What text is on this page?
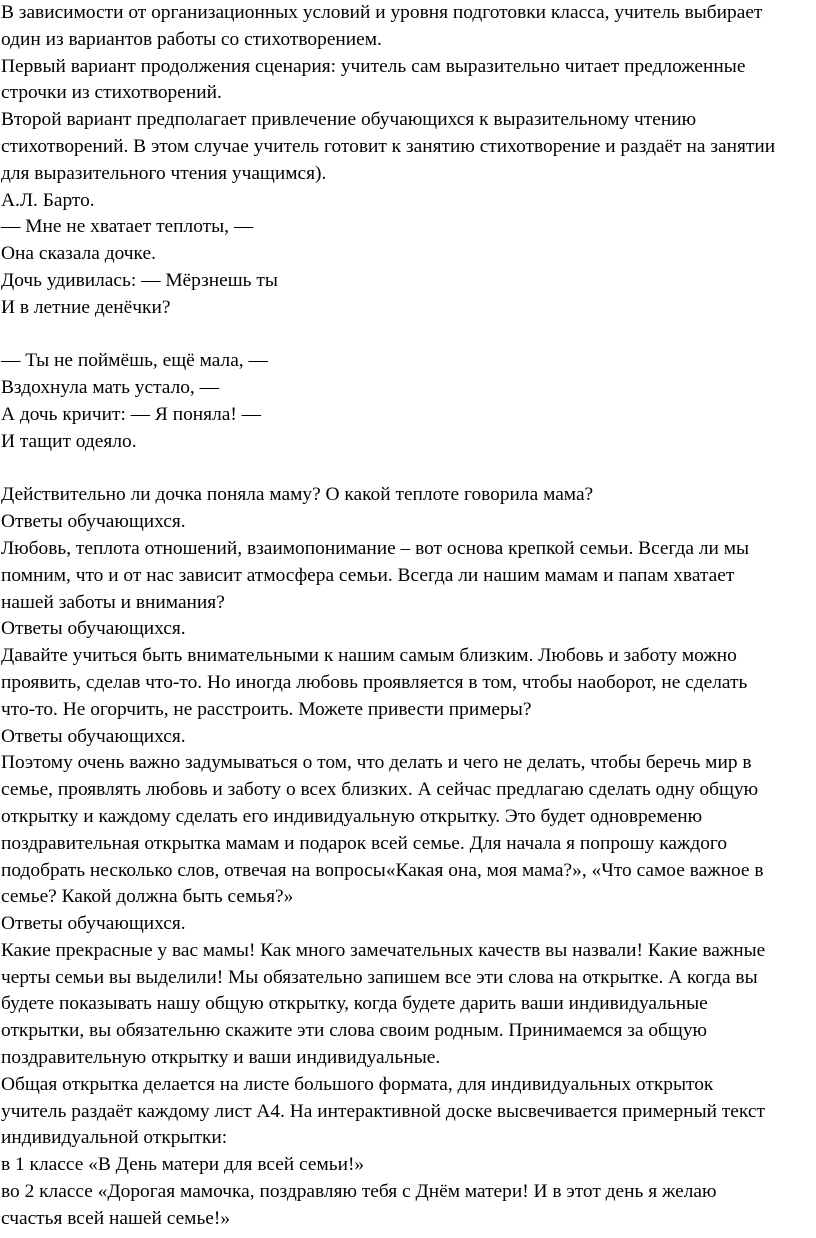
В зависимости от организационных условий и уровня подготовки класса, учитель выбирает
один из вариантов работы со стихотворением.
Первый вариант продолжения сценария: учитель сам выразительно читает предложенные
строчки из стихотворений.
Второй вариант предполагает привлечение обучающихся к выразительному чтению
стихотворений. В этом случае учитель готовит к занятию стихотворение и раздаёт на занятии
для выразительного чтения учащимся).
А.Л. Барто.
— Мне не хватает теплоты, —
Она сказала дочке.
Дочь удивилась: — Мёрзнешь ты
И в летние денёчки?
— Ты не поймёшь, ещё мала, —
Вздохнула мать устало, —
А дочь кричит: — Я поняла! —
И тащит одеяло.
Действительно ли дочка поняла маму? О какой теплоте говорила мама?
Ответы обучающихся.
Любовь, теплота отношений, взаимопонимание – вот основа крепкой семьи. Всегда ли мы
помним, что и от нас зависит атмосфера семьи. Всегда ли нашим мамам и папам хватает
нашей заботы и внимания?
Ответы обучающихся.
Давайте учиться быть внимательными к нашим самым близким. Любовь и заботу можно
проявить, сделав что-то. Но иногда любовь проявляется в том, чтобы наоборот, не сделать
что-то. Не огорчить, не расстроить. Можете привести примеры?
Ответы обучающихся.
Поэтому очень важно задумываться о том, что делать и чего не делать, чтобы беречь мир в
семье, проявлять любовь и заботу о всех близких. А сейчас предлагаю сделать одну общую
открытку и каждому сделать его индивидуальную открытку. Это будет одновременю
поздравительная открытка мамам и подарок всей семье. Для начала я попрошу каждого
подобрать несколько слов, отвечая на вопросы«Какая она, моя мама?», «Что самое важное в
семье? Какой должна быть семья?»
Ответы обучающихся.
Какие прекрасные у вас мамы! Как много замечательных качеств вы назвали! Какие важные
черты семьи вы выделили! Мы обязательно запишем все эти слова на открытке. А когда вы
будете показывать нашу общую открытку, когда будете дарить ваши индивидуальные
открытки, вы обязательню скажите эти слова своим родным. Принимаемся за общую
поздравительную открытку и ваши индивидуальные.
Общая открытка делается на листе большого формата, для индивидуальных открыток
учитель раздаёт каждому лист А4. На интерактивной доске высвечивается примерный текст
индивидуальной открытки:
в 1 классе «В День матери для всей семьи!»
во 2 классе «Дорогая мамочка, поздравляю тебя с Днём матери! И в этот день я желаю
счастья всей нашей семье!»
